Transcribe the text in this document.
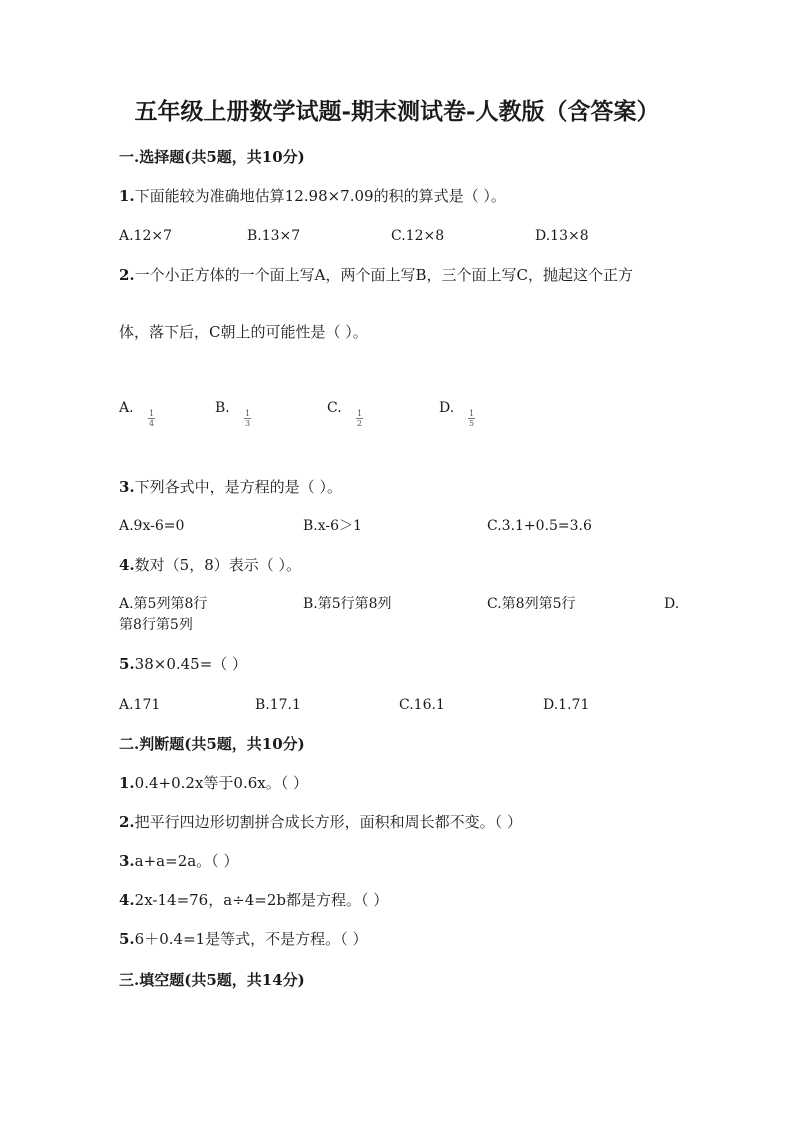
五年级上册数学试题-期末测试卷-人教版（含答案）
一.选择题(共5题，共10分)
1.下面能较为准确地估算12.98×7.09的积的算式是（ ）。
A.12×7	B.13×7	C.12×8	D.13×8
2.一个小正方体的一个面上写A，两个面上写B，三个面上写C，抛起这个正方
体，落下后，C朝上的可能性是（ ）。
A. 1
4
B. 1
3
C. 1
2
D. 1
5
3.下列各式中，是方程的是（ ）。
A.9x-6=0	B.x-6＞1	C.3.1+0.5=3.6
4.数对（5，8）表示（ ）。
A.第5列第8行	B.第5行第8列	C.第8列第5行	D.
第8行第5列
5.38×0.45=（ ）
A.171	B.17.1	C.16.1	D.1.71
二.判断题(共5题，共10分)
1.0.4+0.2x等于0.6x。（ ）
2.把平行四边形切割拼合成长方形，面积和周长都不变。（ ）
3.a+a=2a。（ ）
4.2x-14=76，a÷4=2b都是方程。（ ）
5.6＋0.4=1是等式，不是方程。（ ）
三.填空题(共5题，共14分)
